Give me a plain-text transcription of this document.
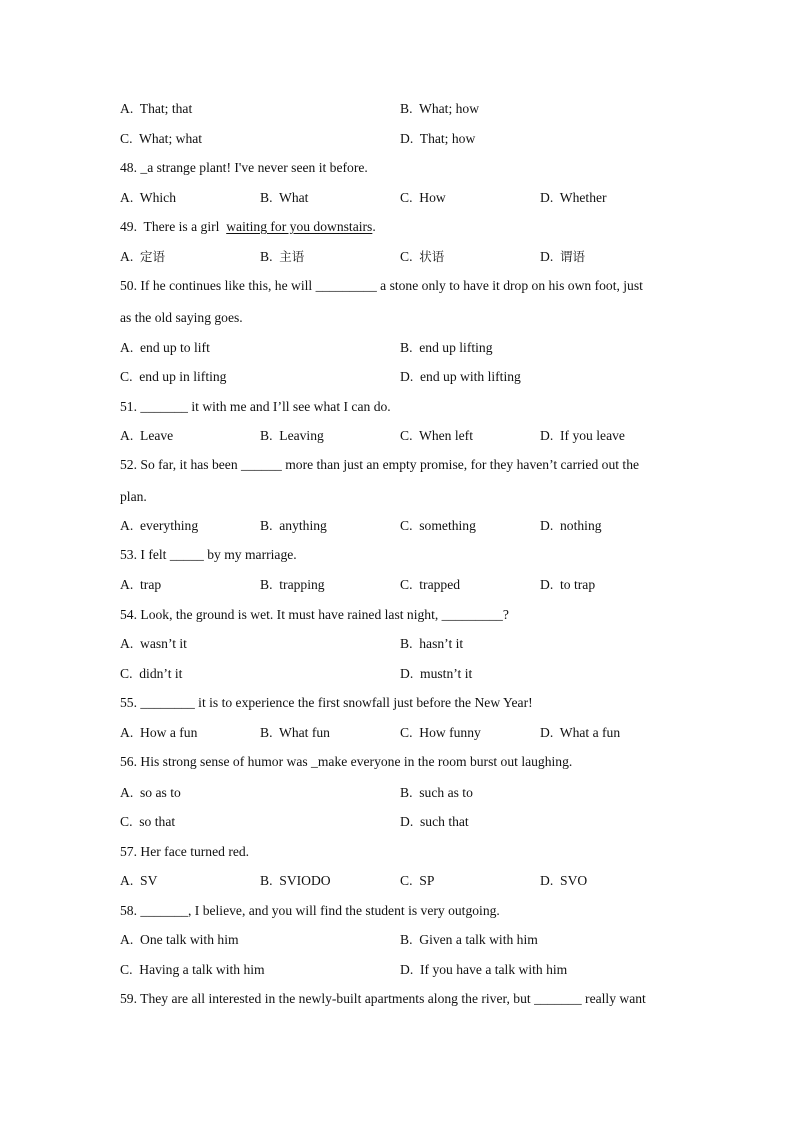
A.  That; that	B.  What; how
C.  What; what	D.  That; how
48. _a strange plant! I've never seen it before.
A.  Which	B.  What	C.  How	D.  Whether
49.  There is a girl  waiting for you downstairs.
A.  定语	B.  主语	C.  状语	D.  谓语
50. If he continues like this, he will _________ a stone only to have it drop on his own foot, just
as the old saying goes.
A.  end up to lift	B.  end up lifting
C.  end up in lifting	D.  end up with lifting
51. _______ it with me and I’ll see what I can do.
A.  Leave	B.  Leaving	C.  When left	D.  If you leave
52. So far, it has been ______ more than just an empty promise, for they haven’t carried out the
plan.
A.  everything	B.  anything	C.  something	D.  nothing
53. I felt _____ by my marriage.
A.  trap	B.  trapping	C.  trapped	D.  to trap
54. Look, the ground is wet. It must have rained last night, _________?
A.  wasn’t it	B.  hasn’t it
C.  didn’t it	D.  mustn’t it
55. ________ it is to experience the first snowfall just before the New Year!
A.  How a fun	B.  What fun	C.  How funny	D.  What a fun
56. His strong sense of humor was _make everyone in the room burst out laughing.
A.  so as to	B.  such as to
C.  so that	D.  such that
57. Her face turned red.
A.  SV	B.  SVIODO	C.  SP	D.  SVO
58. _______, I believe, and you will find the student is very outgoing.
A.  One talk with him	B.  Given a talk with him
C.  Having a talk with him	D.  If you have a talk with him
59. They are all interested in the newly-built apartments along the river, but _______ really want
